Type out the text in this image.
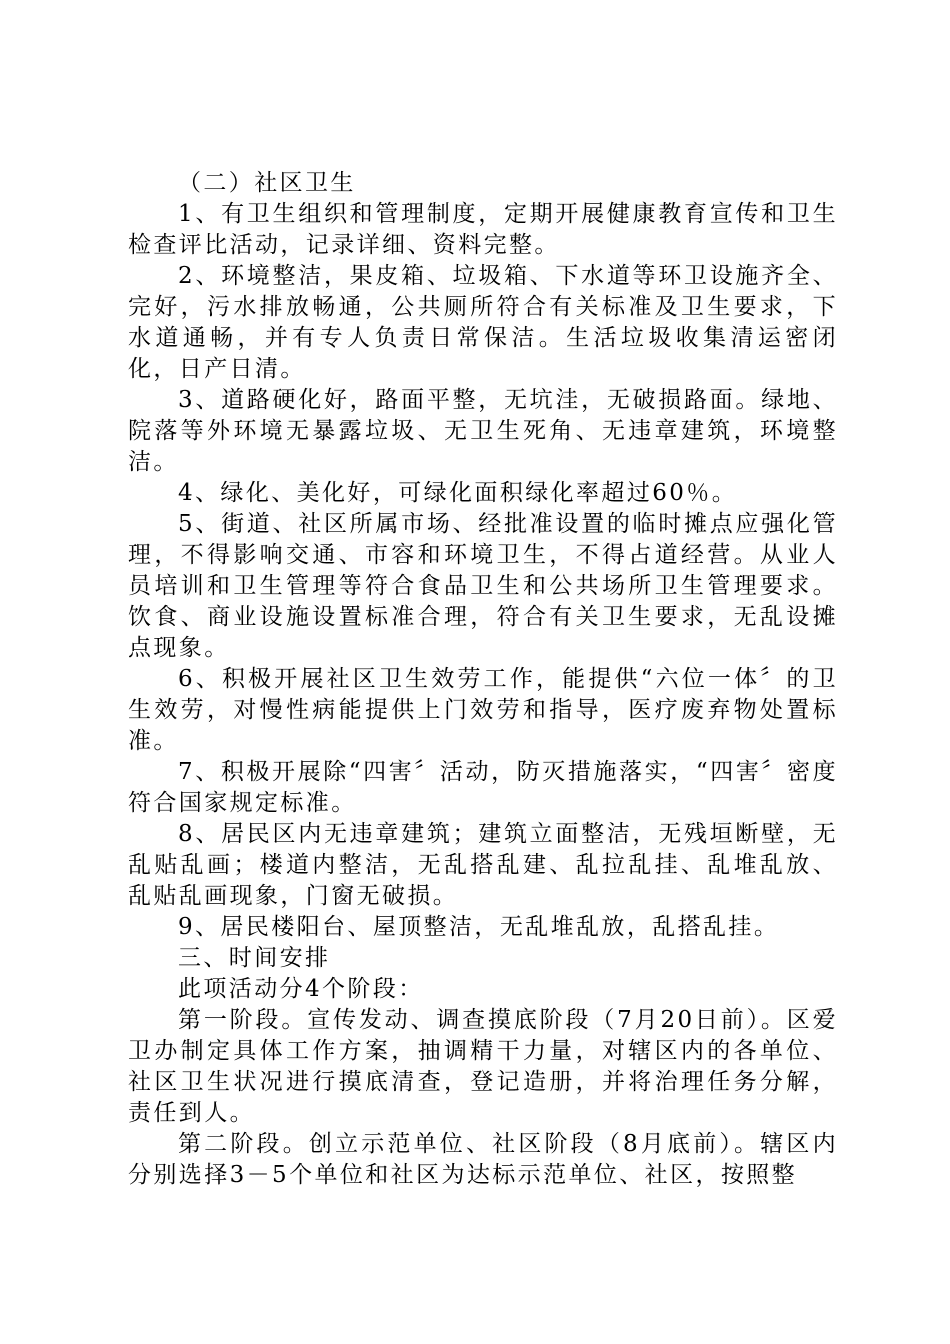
（二）社区卫生

1、有卫生组织和管理制度，定期开展健康教育宣传和卫生检查评比活动，记录详细、资料完整。

2、环境整洁，果皮箱、垃圾箱、下水道等环卫设施齐全、完好，污水排放畅通，公共厕所符合有关标准及卫生要求，下水道通畅，并有专人负责日常保洁。生活垃圾收集清运密闭化，日产日清。

3、道路硬化好，路面平整，无坑洼，无破损路面。绿地、院落等外环境无暴露垃圾、无卫生死角、无违章建筑，环境整洁。

4、绿化、美化好，可绿化面积绿化率超过60％。

5、街道、社区所属市场、经批准设置的临时摊点应强化管理，不得影响交通、市容和环境卫生，不得占道经营。从业人员培训和卫生管理等符合食品卫生和公共场所卫生管理要求。饮食、商业设施设置标准合理，符合有关卫生要求，无乱设摊点现象。

6、积极开展社区卫生效劳工作，能提供“六位一体〞的卫生效劳，对慢性病能提供上门效劳和指导，医疗废弃物处置标准。

7、积极开展除“四害〞活动，防灭措施落实，“四害〞密度符合国家规定标准。

8、居民区内无违章建筑；建筑立面整洁，无残垣断壁，无乱贴乱画；楼道内整洁，无乱搭乱建、乱拉乱挂、乱堆乱放、乱贴乱画现象，门窗无破损。

9、居民楼阳台、屋顶整洁，无乱堆乱放，乱搭乱挂。

三、时间安排

此项活动分4个阶段：

第一阶段。宣传发动、调查摸底阶段（7月20日前）。区爱卫办制定具体工作方案，抽调精干力量，对辖区内的各单位、社区卫生状况进行摸底清查，登记造册，并将治理任务分解，责任到人。

第二阶段。创立示范单位、社区阶段（8月底前）。辖区内分别选择3－5个单位和社区为达标示范单位、社区，按照整
